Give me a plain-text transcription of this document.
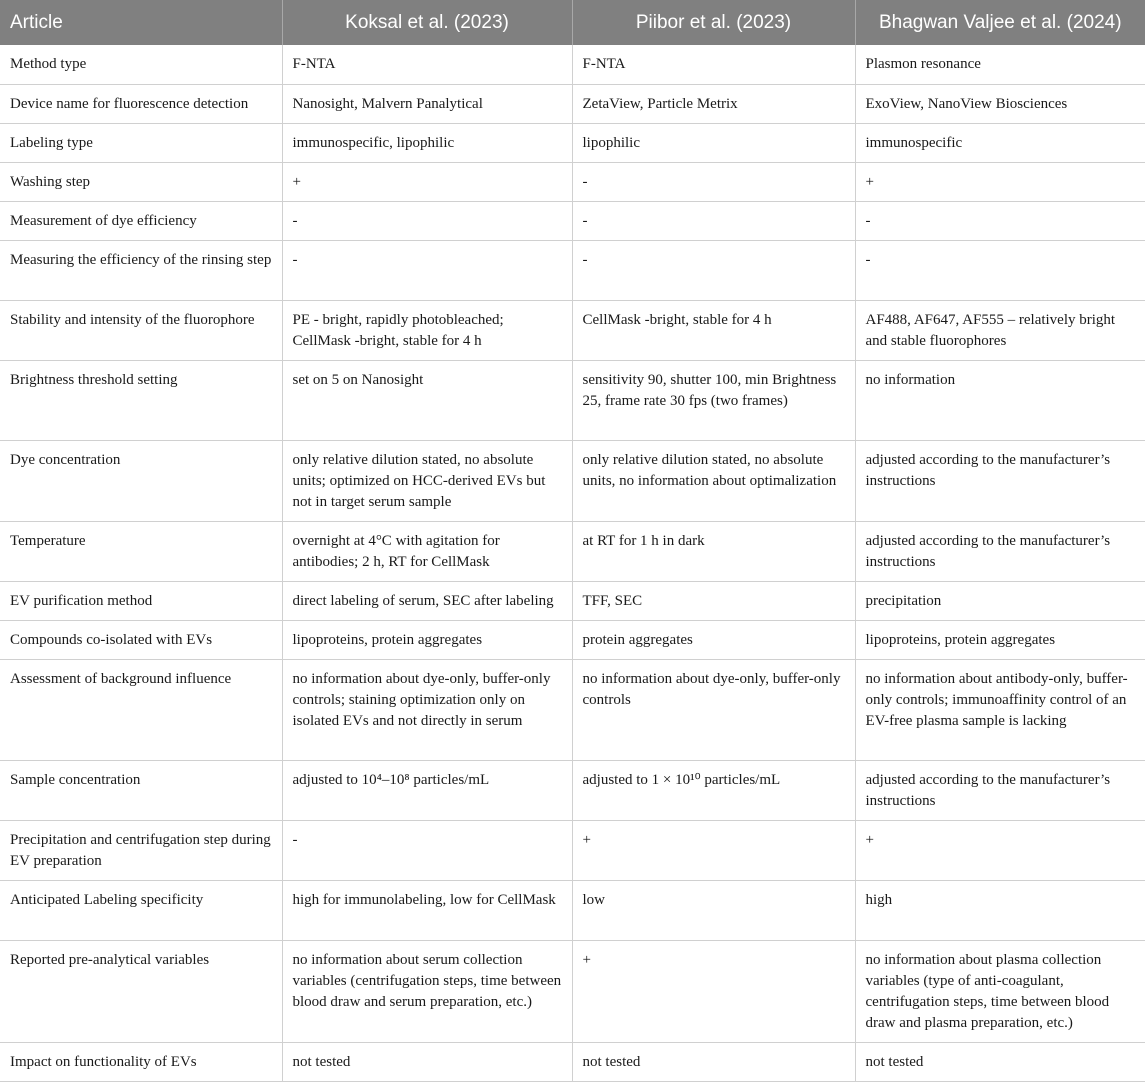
Article	Koksal et al. (2023)	Piibor et al. (2023)	Bhagwan Valjee et al. (2024)
Method type	F-NTA	F-NTA	Plasmon resonance
Device name for fluorescence detection	Nanosight, Malvern Panalytical	ZetaView, Particle Metrix	ExoView, NanoView Biosciences
Labeling type	immunospecific, lipophilic	lipophilic	immunospecific
Washing step	+	-	+
Measurement of dye efficiency	-	-	-
Measuring the efficiency of the rinsing step	-	-	-
Stability and intensity of the fluorophore	PE - bright, rapidly photobleached; CellMask -bright, stable for 4 h	CellMask -bright, stable for 4 h	AF488, AF647, AF555 – relatively bright and stable fluorophores
Brightness threshold setting	set on 5 on Nanosight	sensitivity 90, shutter 100, min Brightness 25, frame rate 30 fps (two frames)	no information
Dye concentration	only relative dilution stated, no absolute units; optimized on HCC-derived EVs but not in target serum sample	only relative dilution stated, no absolute units, no information about optimalization	adjusted according to the manufacturer’s instructions
Temperature	overnight at 4°C with agitation for antibodies; 2 h, RT for CellMask	at RT for 1 h in dark	adjusted according to the manufacturer’s instructions
EV purification method	direct labeling of serum, SEC after labeling	TFF, SEC	precipitation
Compounds co-isolated with EVs	lipoproteins, protein aggregates	protein aggregates	lipoproteins, protein aggregates
Assessment of background influence	no information about dye-only, buffer-only controls; staining optimization only on isolated EVs and not directly in serum	no information about dye-only, buffer-only controls	no information about antibody-only, buffer-only controls; immunoaffinity control of an EV-free plasma sample is lacking
Sample concentration	adjusted to 10⁴–10⁸ particles/mL	adjusted to 1 × 10¹⁰ particles/mL	adjusted according to the manufacturer’s instructions
Precipitation and centrifugation step during EV preparation	-	+	+
Anticipated Labeling specificity	high for immunolabeling, low for CellMask	low	high
Reported pre-analytical variables	no information about serum collection variables (centrifugation steps, time between blood draw and serum preparation, etc.)	+	no information about plasma collection variables (type of anti-coagulant, centrifugation steps, time between blood draw and plasma preparation, etc.)
Impact on functionality of EVs	not tested	not tested	not tested
